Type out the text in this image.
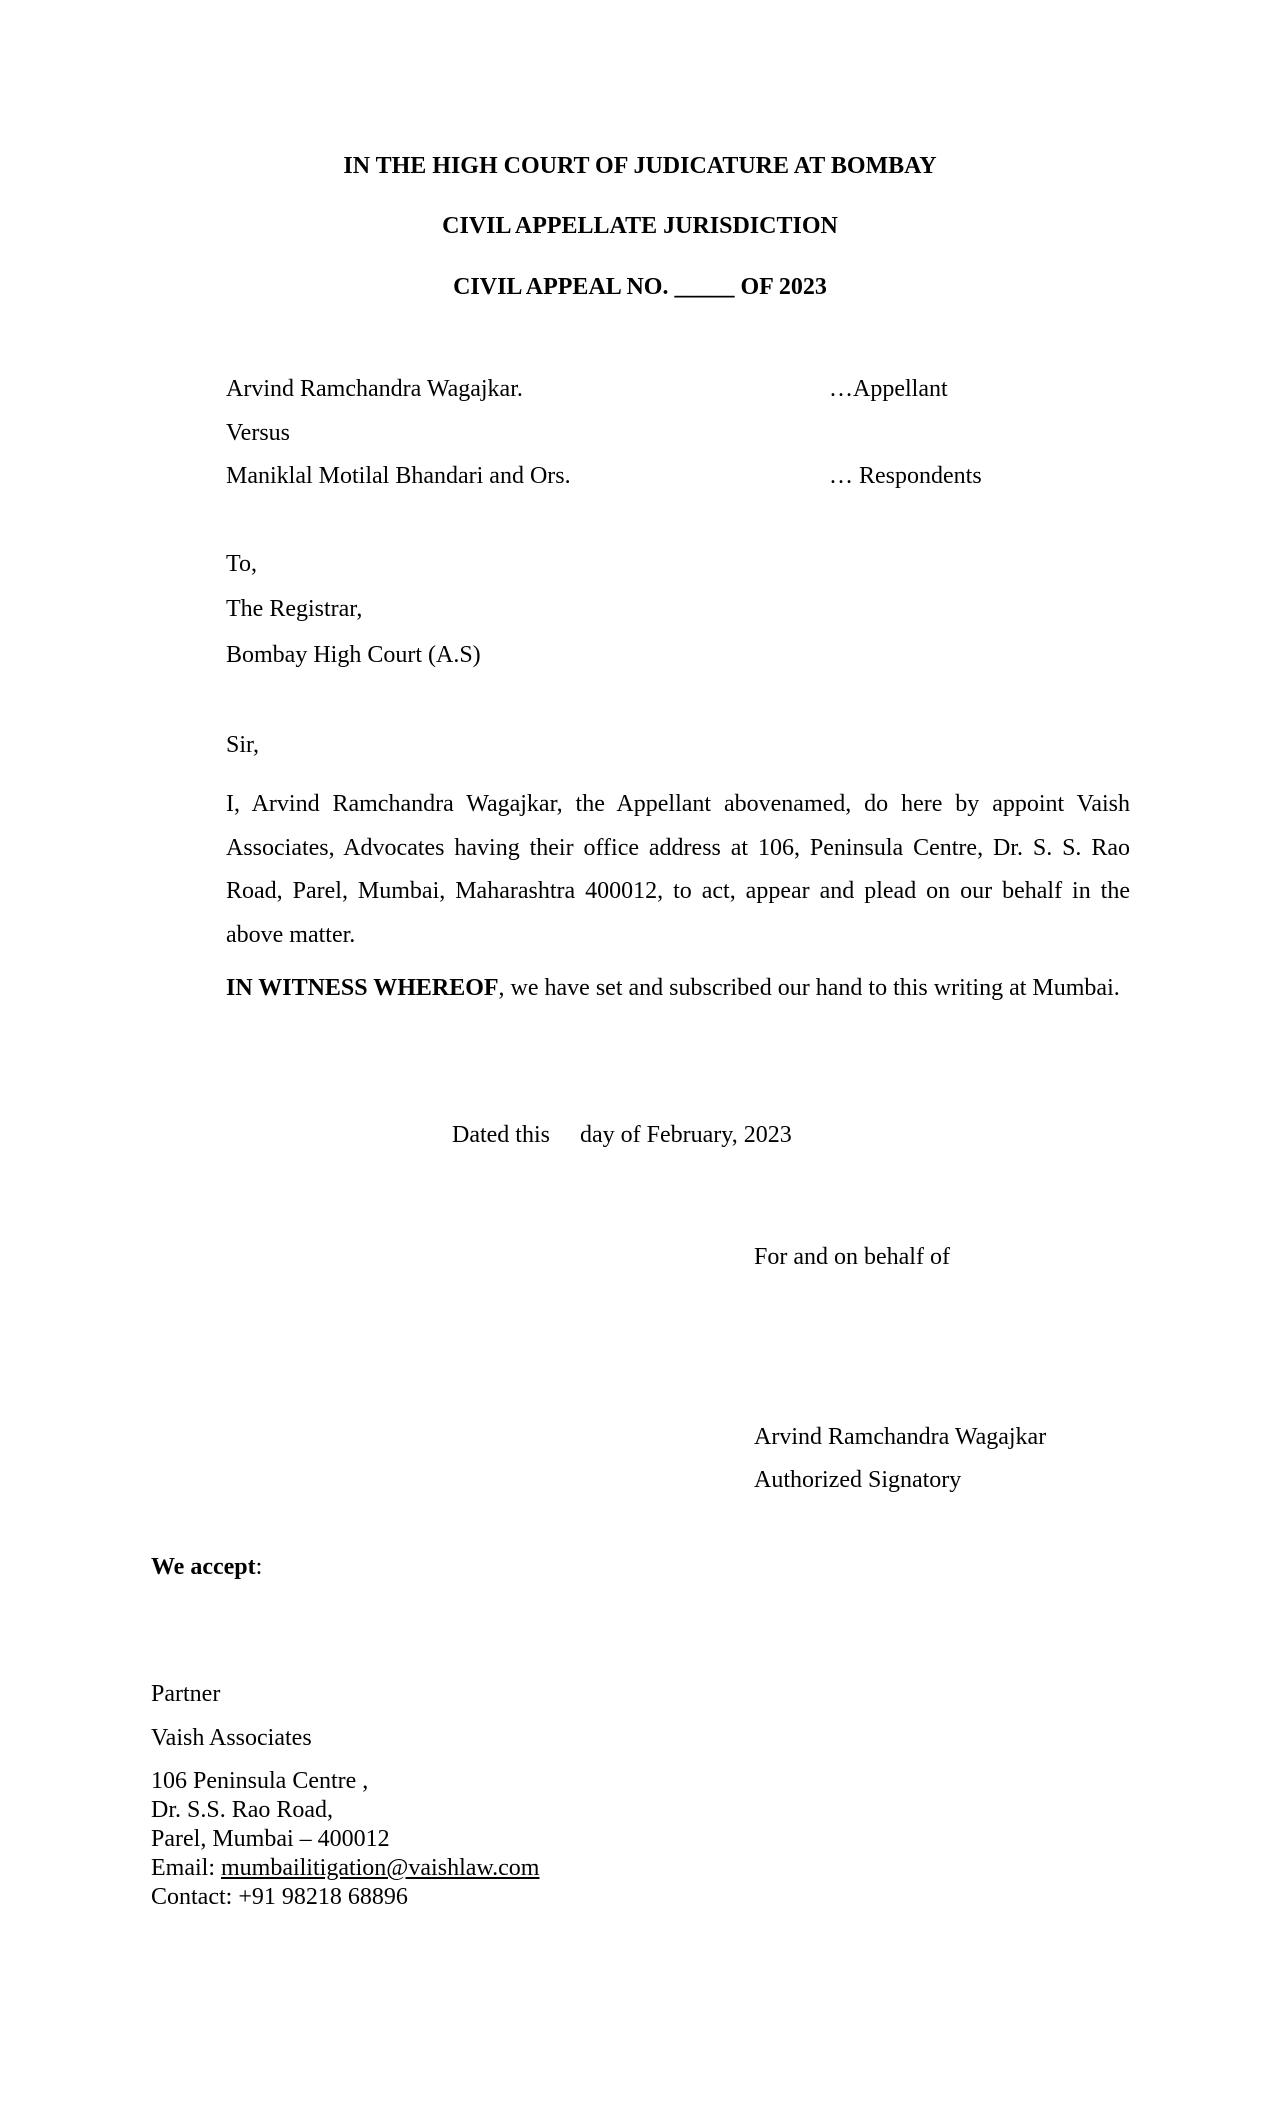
IN THE HIGH COURT OF JUDICATURE AT BOMBAY
CIVIL APPELLATE JURISDICTION
CIVIL APPEAL NO. _____ OF 2023
Arvind Ramchandra Wagajkar.	…Appellant
Versus
Maniklal Motilal Bhandari and Ors.	… Respondents
To,
The Registrar,
Bombay High Court (A.S)
Sir,
I, Arvind Ramchandra Wagajkar, the Appellant abovenamed, do here by appoint Vaish Associates, Advocates having their office address at 106, Peninsula Centre, Dr. S. S. Rao Road, Parel, Mumbai, Maharashtra 400012, to act, appear and plead on our behalf in the above matter.
IN WITNESS WHEREOF, we have set and subscribed our hand to this writing at Mumbai.
Dated this day of February, 2023
For and on behalf of
Arvind Ramchandra Wagajkar
Authorized Signatory
We accept:
Partner
Vaish Associates
106 Peninsula Centre ,
Dr. S.S. Rao Road,
Parel, Mumbai – 400012
Email: mumbailitigation@vaishlaw.com
Contact: +91 98218 68896
